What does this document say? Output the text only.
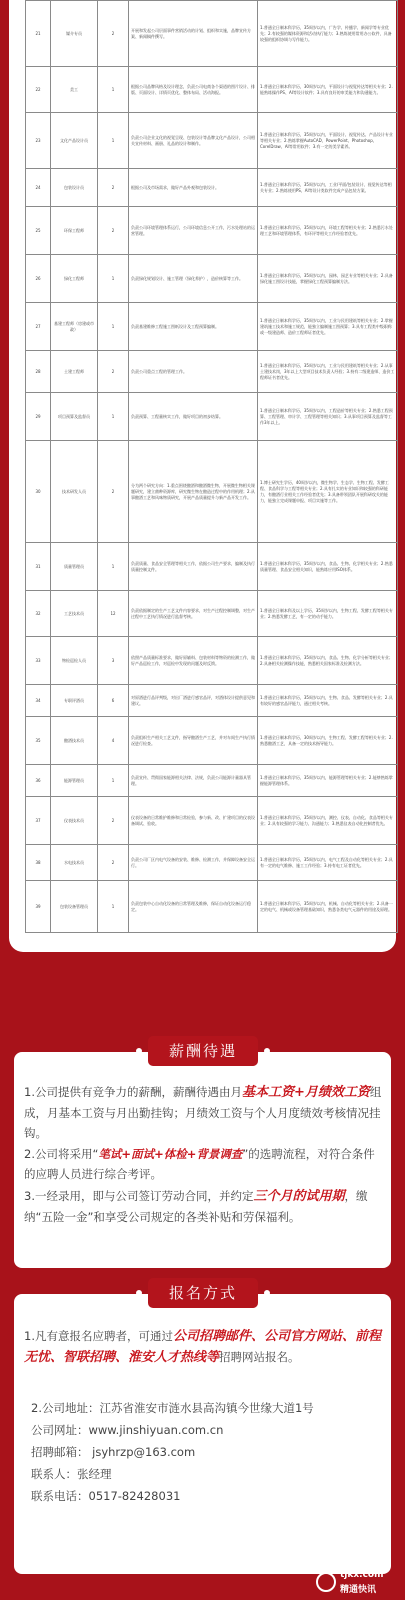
21	媒介专员	2	开展和发起公司层面事件营销活动的计划、组织和实施，品牌宣传方案、新闻稿件撰写。	1.普通全日制本科学历，35周岁以内，广告学、传播学、新闻学等专业优先；2.有较强的媒体资源和活动执行能力；3.熟练使用常用办公软件，具备较强的组织协调与写作能力。
22	美工	1	根据公司品牌风格及设计理念，负责公司电商各个渠道的图片设计、排版、页面设计、详情页优化、整体布局、活动海报。	1.普通全日制本科学历，30周岁以内，平面设计与视觉传达等相关专业；2.能熟练操作PS、AI等设计软件；3.具有良好的审美能力和沟通能力。
23	文化产品设计员	1	负责公司企业文化的视觉呈现、包装设计等品牌文化产品设计，公司相关宣传材料、画册、礼品的设计和制作。	1.普通全日制本科学历，35周岁以内，平面设计、视觉传达、产品设计专业等相关专业；2.熟练掌握AutoCAD、PowerPoint、Photoshop、CorelDraw、AI等常用软件；3.有一定的美学素养。
24	包装设计员	2	根据公司及市场需求，做好产品外观和包装设计。	1.普通全日制本科学历，35周岁以内，工业/平面/包装设计、视觉传达等相关专业；2.熟练使用PS、AI等设计类软件完成产品包装方案。
25	环保工程师	2	负责公司环境管理体系运行，公司环境信息公开工作，污水处理站的运营管理。	1.普通全日制本科学历，35周岁以内，环境工程等相关专业；2.熟悉污水处理工艺和环境管理体系，有环评等相关工作经验者优先。
26	绿化工程师	1	负责绿化规划设计、施工管理（绿化养护），造价核算等工作。	1.普通全日制本科学历，35周岁以内，园林、园艺专业等相关专业；2.具备绿化施工图设计技能，掌握绿化工程预算编制方法。
27	基建工程师（房建或市政）	1	负责基建维修工程施工图纸设计及工程预算编制。	1.普通全日制本科学历，35周岁以内，工业与民用建筑等相关专业；2.掌握建筑施工技术和施工规范，能独立编制施工图预算；3.具有工程类中级职称或一级建造师、造价工程师证者优先。
28	土建工程师	2	负责公司重点工程的管理工作。	1.普通全日制本科学历，35周岁以内，工业与民用建筑等相关专业；2.从事土建技术岗，3年以上大型项目技术负责人经验；3.持有二级建造师、造价工程师证书者优先。
29	项目预算及监督员	1	负责预算、工程量核实工作，做好项目的初步结算。	1.普通全日制本科学历，35周岁以内，工程造价等相关专业；2.熟悉工程预算、工程管理、审计学、工程管理等相关知识；3.从事项目预算及监督等工作3年以上。
30	技术研发人员	2	分为两个研究方向：1.重点围绕酿酒和酿酒微生物，开展微生物相关课题研究，建立菌种资源库，研究微生物在酿造过程中的作用机理；2.从事酿酒工艺和风味物质研究，开展产品质量提升与新产品开发工作。	1.博士研究生学历，40周岁以内，微生物学、生态学、生物工程、发酵工程、食品科学与工程等相关专业；2.具有扎实的专业知识和较强的科研能力，有酿酒行业相关工作经验者优先；3.具备带领团队开展科研攻关的能力，能独立完成课题申报、项目实施等工作。
31	质量管理员	1	负责质量、食品安全管理等相关工作，依据公司生产要求，编制及执行质量控制文件。	1.普通全日制本科学历，35周岁以内，食品、生物、化学相关专业；2.熟悉质量管理、食品安全相关知识，能熟练应用ISO体系。
32	工艺技术员	12	负责依据制定的生产工艺文件内容要求，对生产过程控制调整，对生产过程中工艺执行情况进行监督考核。	1.普通全日制本科及以上学历，35周岁以内，生物工程、发酵工程等相关专业；2.熟悉发酵工艺，有一定的动手能力。
33	物检巡检人员	3	依照产品质量标准要求，做好原辅料、包装材料等物资的检测工作，做好产品巡检工作，对巡检中发现的问题及时反馈。	1.普通全日制本科学历，35周岁以内，食品、生物、化学分析等相关专业；2.具备相关检测操作技能，熟悉相关国家标准及检测方法。
34	专职评酒员	6	对原酒进行品评判级，对出厂酒进行感官品评，对酒体设计提供意见和建议。	1.普通全日制本科学历，35周岁以内，生物、食品、发酵等相关专业；2.具有较好的感官品评能力，通过相关考核。
35	酿酒技术员	4	负责组织生产相关工艺文件，指导酿酒生产工艺，并对车间生产执行情况进行检查。	1.普通全日制本科学历，30周岁以内，生物工程、发酵工程等相关专业；2.熟悉酿酒工艺，具备一定的技术指导能力。
36	能源管理员	1	负责宣传、贯彻国家能源相关法律、法规，负责公司能源计量器具管理。	1.普通全日制本科学历，35周岁以内，能源管理等相关专业；2.能够熟练掌握能源管理体系。
37	仪表技术员	2	仪表设备的日常维护维修和日常检验，参与新、改、扩建项目的仪表设备调试、验收。	1.普通全日制本科学历，35周岁以内，测控、仪表、自动化、食品等相关专业；2.具有较强的学习能力、沟通能力；3.熟悉仪表自动化控制者优先。
38	水电技术员	2	负责公司厂区内电气设备的安装、维修、检测工作，并保障设备安全运行。	1.普通全日制本科学历，35周岁以内，电气工程及自动化等相关专业；2.具有一定的电气维修、施工工作经验；3.持有电工证者优先。
39	包装设备管理员	1	负责包装中心自动化设备的日常管理及维修，保证自动化设备运行稳定。	1.普通全日制本科学历，35周岁以内，机械、自动化等相关专业；2.具备一定的电气、机械或设备管理基础知识，熟悉各类电气元器件的用途及原理。
薪酬待遇

1.公司提供有竞争力的薪酬，薪酬待遇由月基本工资+月绩效工资组成，月基本工资与月出勤挂钩；月绩效工资与个人月度绩效考核情况挂钩。

2.公司将采用“笔试+面试+体检+背景调查”的选聘流程，对符合条件的应聘人员进行综合考评。

3.一经录用，即与公司签订劳动合同，并约定三个月的试用期，缴纳“五险一金”和享受公司规定的各类补贴和劳保福利。

报名方式

1.凡有意报名应聘者，可通过公司招聘邮件、公司官方网站、前程无忧、智联招聘、淮安人才热线等招聘网站报名。

2.公司地址：江苏省淮安市涟水县高沟镇今世缘大道1号
公司网址：www.jinshiyuan.com.cn
招聘邮箱： jsyhrzp@163.com
联系人：张经理
联系电话：0517-82428031
tjkx.com
精通快讯
